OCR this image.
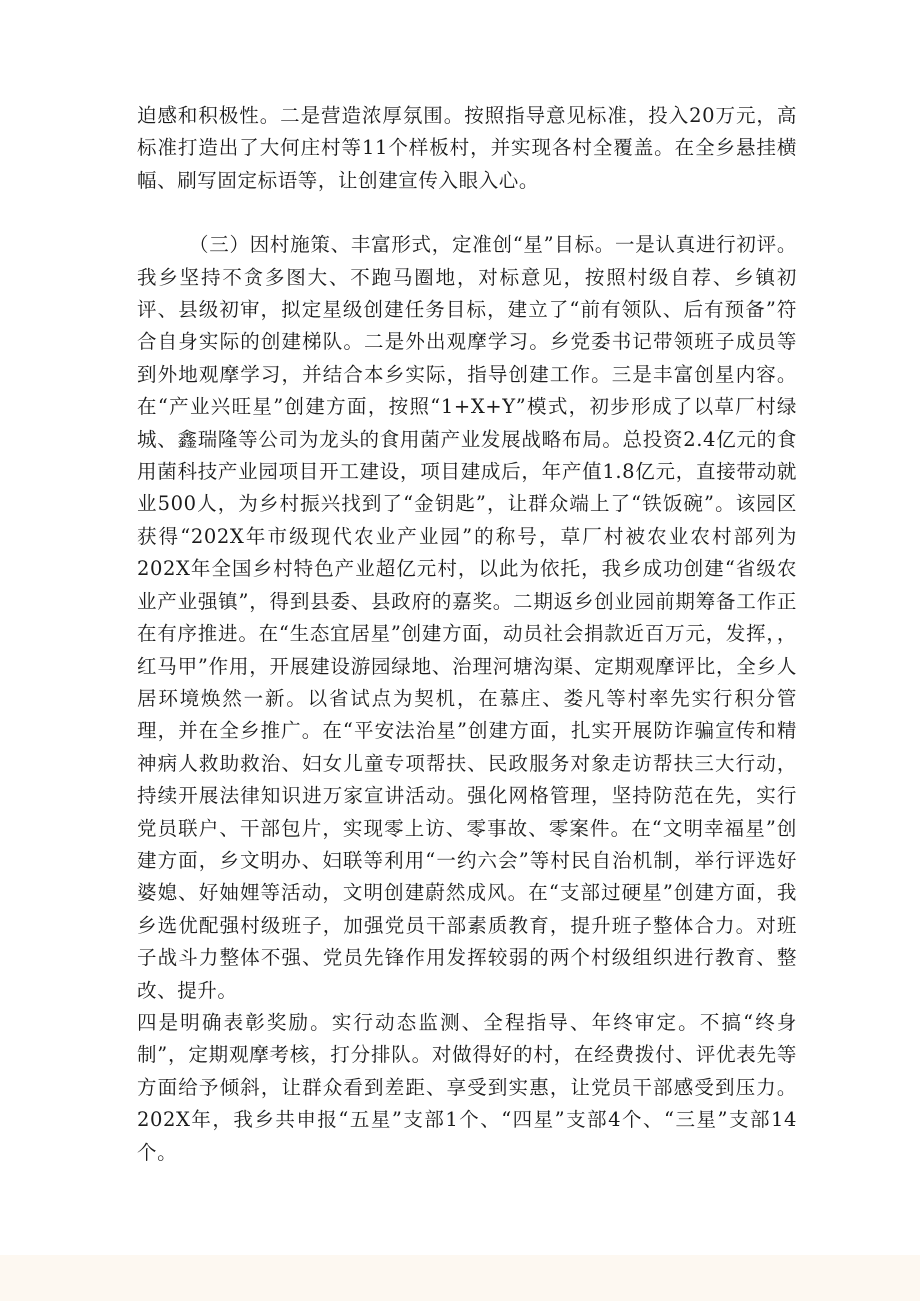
迫感和积极性。二是营造浓厚氛围。按照指导意见标准，投入20万元，高标准打造出了大何庄村等11个样板村，并实现各村全覆盖。在全乡悬挂横幅、刷写固定标语等，让创建宣传入眼入心。

（三）因村施策、丰富形式，定准创“星”目标。一是认真进行初评。我乡坚持不贪多图大、不跑马圈地，对标意见，按照村级自荐、乡镇初评、县级初审，拟定星级创建任务目标，建立了“前有领队、后有预备”符合自身实际的创建梯队。二是外出观摩学习。乡党委书记带领班子成员等到外地观摩学习，并结合本乡实际，指导创建工作。三是丰富创星内容。在“产业兴旺星”创建方面，按照“1+X+Y”模式，初步形成了以草厂村绿城、鑫瑞隆等公司为龙头的食用菌产业发展战略布局。总投资2.4亿元的食用菌科技产业园项目开工建设，项目建成后，年产值1.8亿元，直接带动就业500人，为乡村振兴找到了“金钥匙”，让群众端上了“铁饭碗”。该园区获得“202X年市级现代农业产业园”的称号，草厂村被农业农村部列为202X年全国乡村特色产业超亿元村，以此为依托，我乡成功创建“省级农业产业强镇”，得到县委、县政府的嘉奖。二期返乡创业园前期筹备工作正在有序推进。在“生态宜居星”创建方面，动员社会捐款近百万元，发挥，，红马甲”作用，开展建设游园绿地、治理河塘沟渠、定期观摩评比，全乡人居环境焕然一新。以省试点为契机，在慕庄、娄凡等村率先实行积分管理，并在全乡推广。在“平安法治星”创建方面，扎实开展防诈骗宣传和精神病人救助救治、妇女儿童专项帮扶、民政服务对象走访帮扶三大行动，持续开展法律知识进万家宣讲活动。强化网格管理，坚持防范在先，实行党员联户、干部包片，实现零上访、零事故、零案件。在“文明幸福星”创建方面，乡文明办、妇联等利用“一约六会”等村民自治机制，举行评选好婆媳、好妯娌等活动，文明创建蔚然成风。在“支部过硬星”创建方面，我乡选优配强村级班子，加强党员干部素质教育，提升班子整体合力。对班子战斗力整体不强、党员先锋作用发挥较弱的两个村级组织进行教育、整改、提升。

四是明确表彰奖励。实行动态监测、全程指导、年终审定。不搞“终身制”，定期观摩考核，打分排队。对做得好的村，在经费拨付、评优表先等方面给予倾斜，让群众看到差距、享受到实惠，让党员干部感受到压力。202X年，我乡共申报“五星”支部1个、“四星”支部4个、“三星”支部14个。
